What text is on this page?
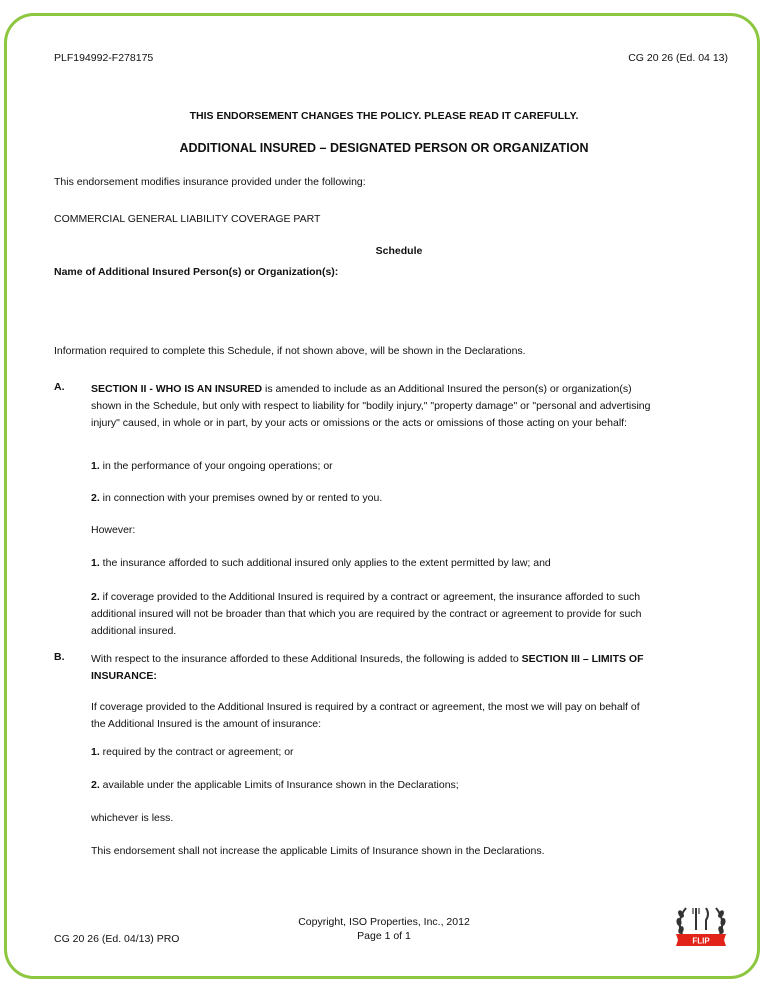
PLF194992-F278175	CG 20 26 (Ed. 04 13)
THIS ENDORSEMENT CHANGES THE POLICY. PLEASE READ IT CAREFULLY.
ADDITIONAL INSURED – DESIGNATED PERSON OR ORGANIZATION
This endorsement modifies insurance provided under the following:
COMMERCIAL GENERAL LIABILITY COVERAGE PART
Schedule
Name of Additional Insured Person(s) or Organization(s):
Information required to complete this Schedule, if not shown above, will be shown in the Declarations.
A.	SECTION II - WHO IS AN INSURED is amended to include as an Additional Insured the person(s) or organization(s) shown in the Schedule, but only with respect to liability for "bodily injury," "property damage" or "personal and advertising injury" caused, in whole or in part, by your acts or omissions or the acts or omissions of those acting on your behalf:
1. in the performance of your ongoing operations; or
2. in connection with your premises owned by or rented to you.
However:
1. the insurance afforded to such additional insured only applies to the extent permitted by law; and
2. if coverage provided to the Additional Insured is required by a contract or agreement, the insurance afforded to such additional insured will not be broader than that which you are required by the contract or agreement to provide for such additional insured.
B.	With respect to the insurance afforded to these Additional Insureds, the following is added to SECTION III – LIMITS OF INSURANCE:
If coverage provided to the Additional Insured is required by a contract or agreement, the most we will pay on behalf of the Additional Insured is the amount of insurance:
1. required by the contract or agreement; or
2. available under the applicable Limits of Insurance shown in the Declarations;
whichever is less.
This endorsement shall not increase the applicable Limits of Insurance shown in the Declarations.
CG 20 26 (Ed. 04/13) PRO
Copyright, ISO Properties, Inc., 2012
Page 1 of 1	FLIP
